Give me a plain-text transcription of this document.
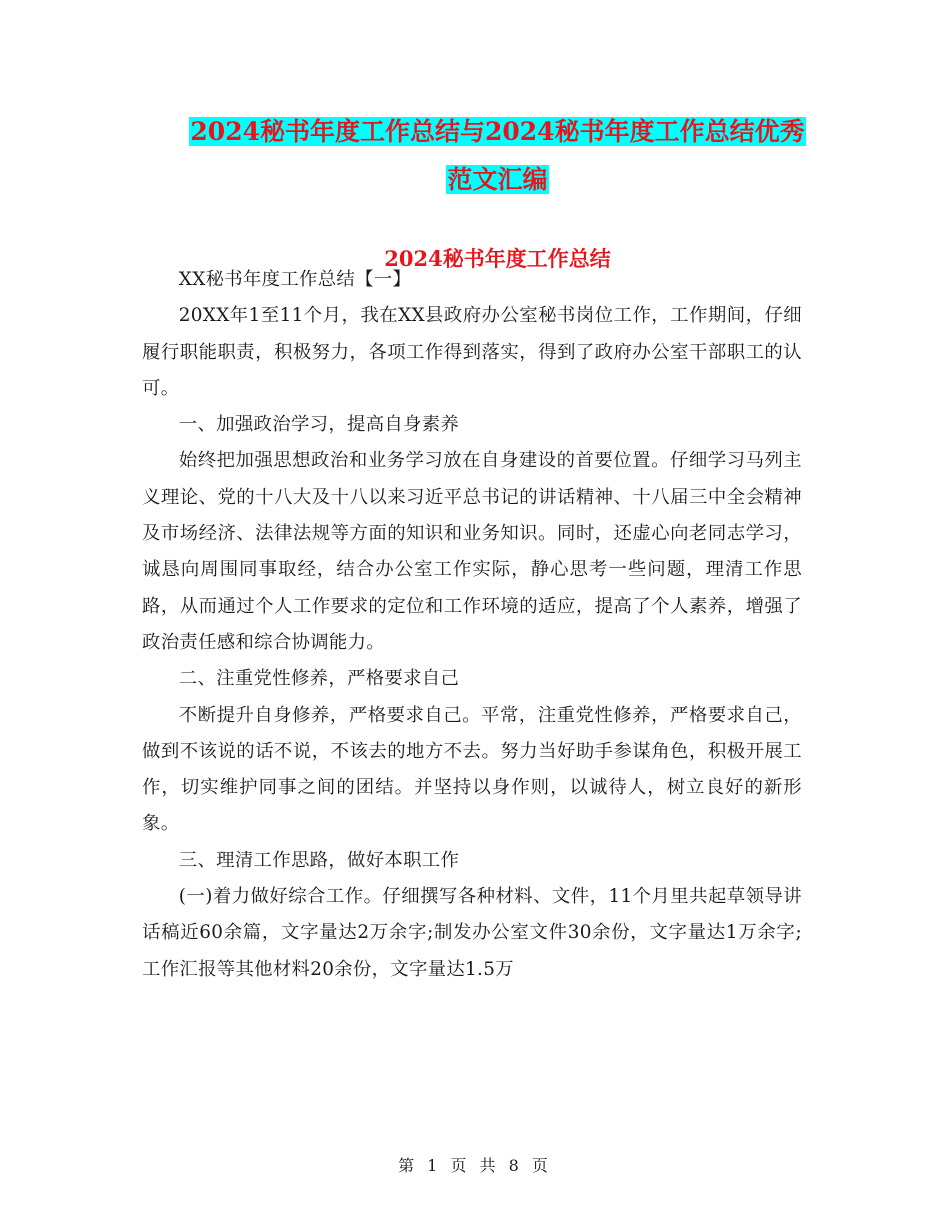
2024秘书年度工作总结与2024秘书年度工作总结优秀
范文汇编
2024秘书年度工作总结

XX秘书年度工作总结【一】

20XX年1至11个月，我在XX县政府办公室秘书岗位工作，工作期间，仔细履行职能职责，积极努力，各项工作得到落实，得到了政府办公室干部职工的认可。

一、加强政治学习，提高自身素养

始终把加强思想政治和业务学习放在自身建设的首要位置。仔细学习马列主义理论、党的十八大及十八以来习近平总书记的讲话精神、十八届三中全会精神及市场经济、法律法规等方面的知识和业务知识。同时，还虚心向老同志学习，诚恳向周围同事取经，结合办公室工作实际，静心思考一些问题，理清工作思路，从而通过个人工作要求的定位和工作环境的适应，提高了个人素养，增强了政治责任感和综合协调能力。

二、注重党性修养，严格要求自己

不断提升自身修养，严格要求自己。平常，注重党性修养，严格要求自己，做到不该说的话不说，不该去的地方不去。努力当好助手参谋角色，积极开展工作，切实维护同事之间的团结。并坚持以身作则，以诚待人，树立良好的新形象。

三、理清工作思路，做好本职工作

(一)着力做好综合工作。仔细撰写各种材料、文件，11个月里共起草领导讲话稿近60余篇，文字量达2万余字;制发办公室文件30余份，文字量达1万余字;工作汇报等其他材料20余份，文字量达1.5万

第 1 页 共 8 页
